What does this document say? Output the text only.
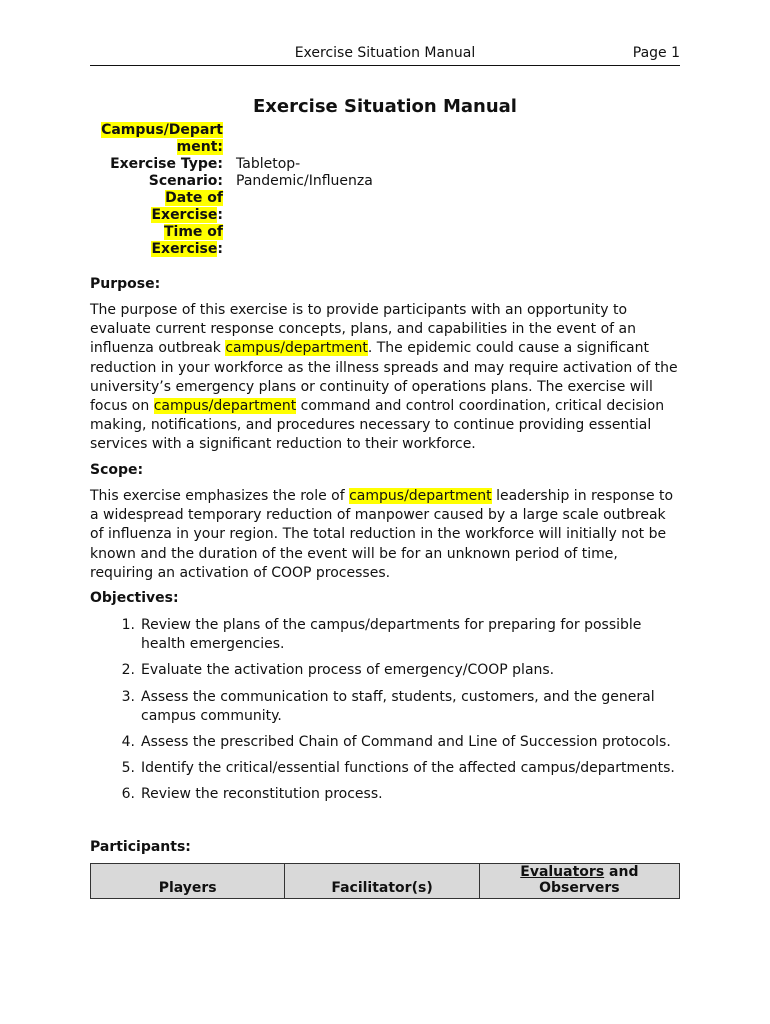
Exercise Situation Manual	Page 1
Exercise Situation Manual
Campus/Depart
ment:
Exercise Type: Tabletop-
Scenario: Pandemic/Influenza
Date of
Exercise:
Time of
Exercise:
Purpose:
The purpose of this exercise is to provide participants with an opportunity to evaluate current response concepts, plans, and capabilities in the event of an influenza outbreak campus/department. The epidemic could cause a significant reduction in your workforce as the illness spreads and may require activation of the university’s emergency plans or continuity of operations plans. The exercise will focus on campus/department command and control coordination, critical decision making, notifications, and procedures necessary to continue providing essential services with a significant reduction to their workforce.
Scope:
This exercise emphasizes the role of campus/department leadership in response to a widespread temporary reduction of manpower caused by a large scale outbreak of influenza in your region. The total reduction in the workforce will initially not be known and the duration of the event will be for an unknown period of time, requiring an activation of COOP processes.
Objectives:
1. Review the plans of the campus/departments for preparing for possible health emergencies.
2. Evaluate the activation process of emergency/COOP plans.
3. Assess the communication to staff, students, customers, and the general campus community.
4. Assess the prescribed Chain of Command and Line of Succession protocols.
5. Identify the critical/essential functions of the affected campus/departments.
6. Review the reconstitution process.
Participants:
Players	Facilitator(s)	Evaluators and Observers
